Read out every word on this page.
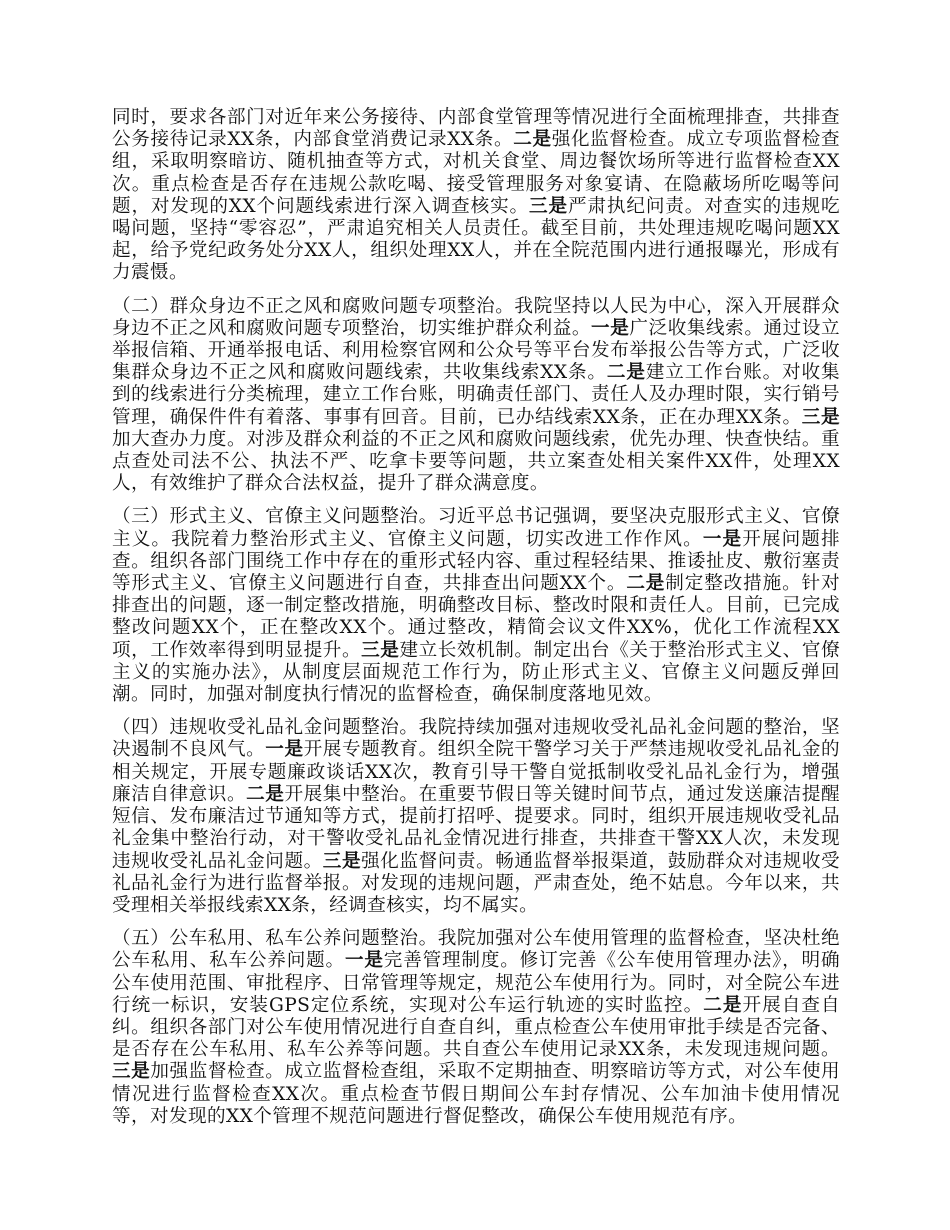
同时，要求各部门对近年来公务接待、内部食堂管理等情况进行全面梳理排查，共排查公务接待记录XX条，内部食堂消费记录XX条。二是强化监督检查。成立专项监督检查组，采取明察暗访、随机抽查等方式，对机关食堂、周边餐饮场所等进行监督检查XX次。重点检查是否存在违规公款吃喝、接受管理服务对象宴请、在隐蔽场所吃喝等问题，对发现的XX个问题线索进行深入调查核实。三是严肃执纪问责。对查实的违规吃喝问题，坚持“零容忍”，严肃追究相关人员责任。截至目前，共处理违规吃喝问题XX起，给予党纪政务处分XX人，组织处理XX人，并在全院范围内进行通报曝光，形成有力震慑。

（二）群众身边不正之风和腐败问题专项整治。我院坚持以人民为中心，深入开展群众身边不正之风和腐败问题专项整治，切实维护群众利益。一是广泛收集线索。通过设立举报信箱、开通举报电话、利用检察官网和公众号等平台发布举报公告等方式，广泛收集群众身边不正之风和腐败问题线索，共收集线索XX条。二是建立工作台账。对收集到的线索进行分类梳理，建立工作台账，明确责任部门、责任人及办理时限，实行销号管理，确保件件有着落、事事有回音。目前，已办结线索XX条，正在办理XX条。三是加大查办力度。对涉及群众利益的不正之风和腐败问题线索，优先办理、快查快结。重点查处司法不公、执法不严、吃拿卡要等问题，共立案查处相关案件XX件，处理XX人，有效维护了群众合法权益，提升了群众满意度。

（三）形式主义、官僚主义问题整治。习近平总书记强调，要坚决克服形式主义、官僚主义。我院着力整治形式主义、官僚主义问题，切实改进工作作风。一是开展问题排查。组织各部门围绕工作中存在的重形式轻内容、重过程轻结果、推诿扯皮、敷衍塞责等形式主义、官僚主义问题进行自查，共排查出问题XX个。二是制定整改措施。针对排查出的问题，逐一制定整改措施，明确整改目标、整改时限和责任人。目前，已完成整改问题XX个，正在整改XX个。通过整改，精简会议文件XX%，优化工作流程XX项，工作效率得到明显提升。三是建立长效机制。制定出台《关于整治形式主义、官僚主义的实施办法》，从制度层面规范工作行为，防止形式主义、官僚主义问题反弹回潮。同时，加强对制度执行情况的监督检查，确保制度落地见效。

（四）违规收受礼品礼金问题整治。我院持续加强对违规收受礼品礼金问题的整治，坚决遏制不良风气。一是开展专题教育。组织全院干警学习关于严禁违规收受礼品礼金的相关规定，开展专题廉政谈话XX次，教育引导干警自觉抵制收受礼品礼金行为，增强廉洁自律意识。二是开展集中整治。在重要节假日等关键时间节点，通过发送廉洁提醒短信、发布廉洁过节通知等方式，提前打招呼、提要求。同时，组织开展违规收受礼品礼金集中整治行动，对干警收受礼品礼金情况进行排查，共排查干警XX人次，未发现违规收受礼品礼金问题。三是强化监督问责。畅通监督举报渠道，鼓励群众对违规收受礼品礼金行为进行监督举报。对发现的违规问题，严肃查处，绝不姑息。今年以来，共受理相关举报线索XX条，经调查核实，均不属实。

（五）公车私用、私车公养问题整治。我院加强对公车使用管理的监督检查，坚决杜绝公车私用、私车公养问题。一是完善管理制度。修订完善《公车使用管理办法》，明确公车使用范围、审批程序、日常管理等规定，规范公车使用行为。同时，对全院公车进行统一标识，安装GPS定位系统，实现对公车运行轨迹的实时监控。二是开展自查自纠。组织各部门对公车使用情况进行自查自纠，重点检查公车使用审批手续是否完备、是否存在公车私用、私车公养等问题。共自查公车使用记录XX条，未发现违规问题。三是加强监督检查。成立监督检查组，采取不定期抽查、明察暗访等方式，对公车使用情况进行监督检查XX次。重点检查节假日期间公车封存情况、公车加油卡使用情况等，对发现的XX个管理不规范问题进行督促整改，确保公车使用规范有序。
